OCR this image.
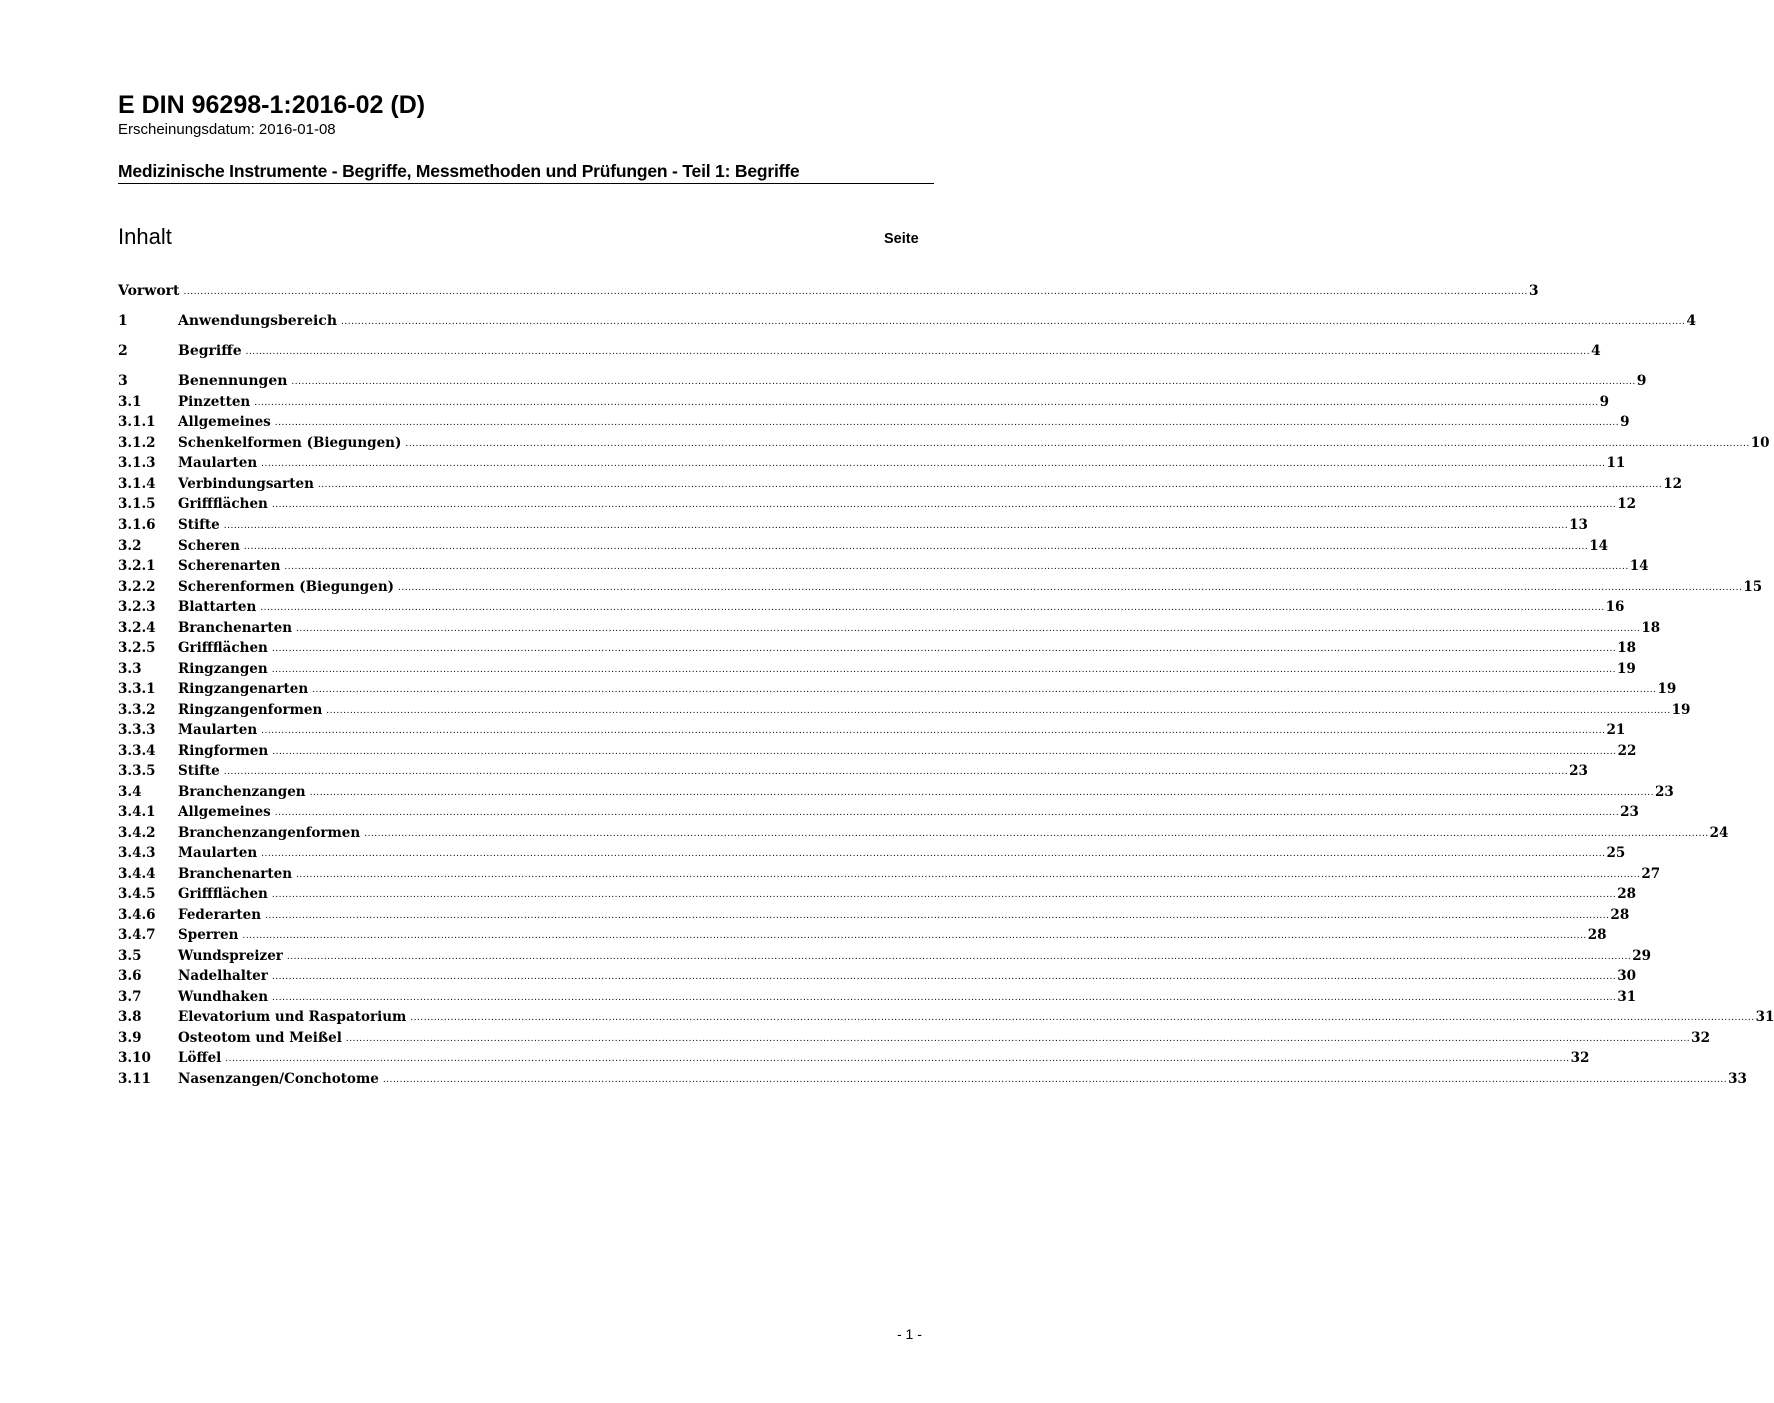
E DIN 96298-1:2016-02 (D)
Erscheinungsdatum: 2016-01-08
Medizinische Instrumente - Begriffe, Messmethoden und Prüfungen - Teil 1: Begriffe
Inhalt	Seite
Vorwort ................................................................................................................................................................................................................................................................................................................................................................................................................ 3
1	Anwendungsbereich ................................................................................................................................................................................................................................................................................................................................................................................................................ 4
2	Begriffe ................................................................................................................................................................................................................................................................................................................................................................................................................ 4
3	Benennungen ................................................................................................................................................................................................................................................................................................................................................................................................................ 9
3.1	Pinzetten ................................................................................................................................................................................................................................................................................................................................................................................................................ 9
3.1.1	Allgemeines ................................................................................................................................................................................................................................................................................................................................................................................................................ 9
3.1.2	Schenkelformen (Biegungen) ................................................................................................................................................................................................................................................................................................................................................................................................................ 10
3.1.3	Maularten ................................................................................................................................................................................................................................................................................................................................................................................................................ 11
3.1.4	Verbindungsarten ................................................................................................................................................................................................................................................................................................................................................................................................................ 12
3.1.5	Griffflächen ................................................................................................................................................................................................................................................................................................................................................................................................................ 12
3.1.6	Stifte ................................................................................................................................................................................................................................................................................................................................................................................................................ 13
3.2	Scheren ................................................................................................................................................................................................................................................................................................................................................................................................................ 14
3.2.1	Scherenarten ................................................................................................................................................................................................................................................................................................................................................................................................................ 14
3.2.2	Scherenformen (Biegungen) ................................................................................................................................................................................................................................................................................................................................................................................................................ 15
3.2.3	Blattarten ................................................................................................................................................................................................................................................................................................................................................................................................................ 16
3.2.4	Branchenarten ................................................................................................................................................................................................................................................................................................................................................................................................................ 18
3.2.5	Griffflächen ................................................................................................................................................................................................................................................................................................................................................................................................................ 18
3.3	Ringzangen ................................................................................................................................................................................................................................................................................................................................................................................................................ 19
3.3.1	Ringzangenarten ................................................................................................................................................................................................................................................................................................................................................................................................................ 19
3.3.2	Ringzangenformen ................................................................................................................................................................................................................................................................................................................................................................................................................ 19
3.3.3	Maularten ................................................................................................................................................................................................................................................................................................................................................................................................................ 21
3.3.4	Ringformen ................................................................................................................................................................................................................................................................................................................................................................................................................ 22
3.3.5	Stifte ................................................................................................................................................................................................................................................................................................................................................................................................................ 23
3.4	Branchenzangen ................................................................................................................................................................................................................................................................................................................................................................................................................ 23
3.4.1	Allgemeines ................................................................................................................................................................................................................................................................................................................................................................................................................ 23
3.4.2	Branchenzangenformen ................................................................................................................................................................................................................................................................................................................................................................................................................ 24
3.4.3	Maularten ................................................................................................................................................................................................................................................................................................................................................................................................................ 25
3.4.4	Branchenarten ................................................................................................................................................................................................................................................................................................................................................................................................................ 27
3.4.5	Griffflächen ................................................................................................................................................................................................................................................................................................................................................................................................................ 28
3.4.6	Federarten ................................................................................................................................................................................................................................................................................................................................................................................................................ 28
3.4.7	Sperren ................................................................................................................................................................................................................................................................................................................................................................................................................ 28
3.5	Wundspreizer ................................................................................................................................................................................................................................................................................................................................................................................................................ 29
3.6	Nadelhalter ................................................................................................................................................................................................................................................................................................................................................................................................................ 30
3.7	Wundhaken ................................................................................................................................................................................................................................................................................................................................................................................................................ 31
3.8	Elevatorium und Raspatorium ................................................................................................................................................................................................................................................................................................................................................................................................................ 31
3.9	Osteotom und Meißel ................................................................................................................................................................................................................................................................................................................................................................................................................ 32
3.10	Löffel ................................................................................................................................................................................................................................................................................................................................................................................................................ 32
3.11	Nasenzangen/Conchotome ................................................................................................................................................................................................................................................................................................................................................................................................................ 33
- 1 -
